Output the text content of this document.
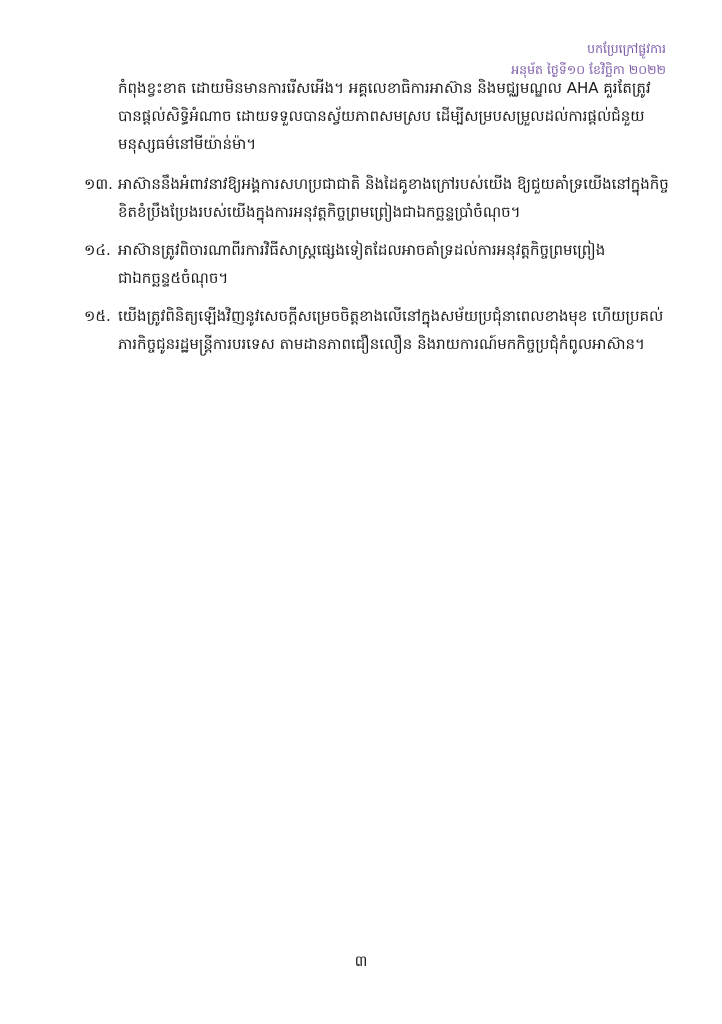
បកប្រែក្រៅផ្លូវការ
អនុម័ត ថ្ងៃទី១០ ខែវិច្ឆិកា ២០២២

កំពុងខ្វះខាត ដោយមិនមានការរើសអើង។ អគ្គលេខាធិការអាស៊ាន និងមជ្ឈមណ្ឌល AHA គួរតែត្រូវបានផ្តល់សិទ្ធិអំណាច ដោយទទួលបានស្វ័យភាពសមស្រប ដើម្បីសម្របសម្រួលដល់ការផ្តល់ជំនួយមនុស្សធម៌នៅមីយ៉ាន់ម៉ា។

១៣. អាស៊ាននឹងអំពាវនាវឱ្យអង្គការសហប្រជាជាតិ និងដៃគូខាងក្រៅរបស់យើង ឱ្យជួយគាំទ្រយើងនៅក្នុងកិច្ចខិតខំប្រឹងប្រែងរបស់យើងក្នុងការអនុវត្តកិច្ចព្រមព្រៀងជាឯកច្ឆន្ទប្រាំចំណុច។
១៤. អាស៊ានត្រូវពិចារណាពីរការវិធីសាស្ត្រផ្សេងទៀតដែលអាចគាំទ្រដល់ការអនុវត្តកិច្ចព្រមព្រៀងជាឯកច្ឆន្ទ៥ចំណុច។
១៥. យើងត្រូវពិនិត្យឡើងវិញនូវសេចក្តីសម្រេចចិត្តខាងលើនៅក្នុងសម័យប្រជុំនាពេលខាងមុខ ហើយប្រគល់ភារកិច្ចជូនរដ្ឋមន្ត្រីការបរទេស តាមដានភាពជឿនលឿន និងរាយការណ៍មកកិច្ចប្រជុំកំពូលអាស៊ាន។
៣
